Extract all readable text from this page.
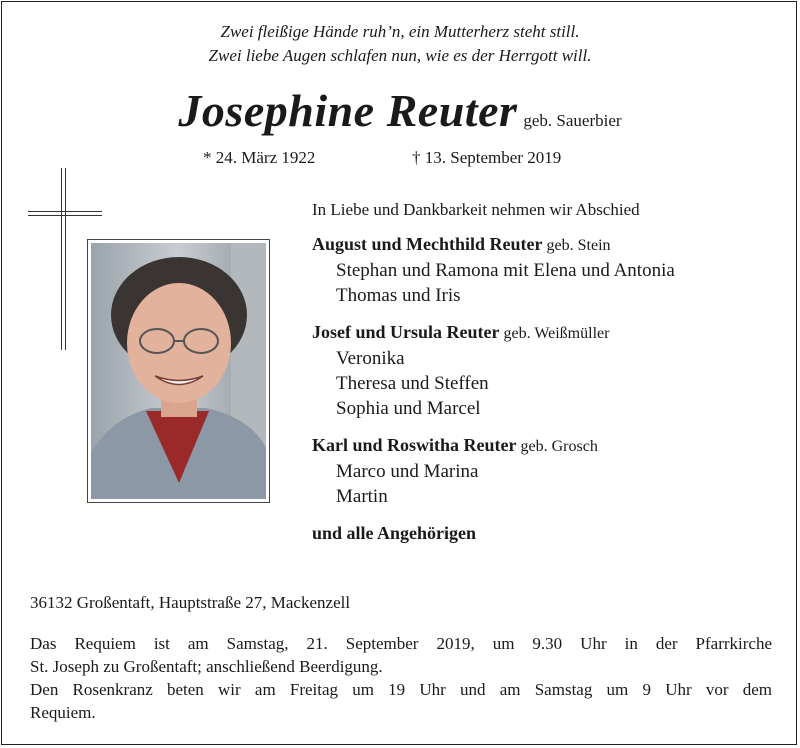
Zwei fleißige Hände ruh’n, ein Mutterherz steht still.
Zwei liebe Augen schlafen nun, wie es der Herrgott will.
Josephine Reuter geb. Sauerbier
* 24. März 1922	† 13. September 2019
In Liebe und Dankbarkeit nehmen wir Abschied
August und Mechthild Reuter geb. Stein
Stephan und Ramona mit Elena und Antonia
Thomas und Iris
Josef und Ursula Reuter geb. Weißmüller
Veronika
Theresa und Steffen
Sophia und Marcel
Karl und Roswitha Reuter geb. Grosch
Marco und Marina
Martin
und alle Angehörigen
36132 Großentaft, Hauptstraße 27, Mackenzell

Das Requiem ist am Samstag, 21. September 2019, um 9.30 Uhr in der Pfarrkirche

St. Joseph zu Großentaft; anschließend Beerdigung.

Den Rosenkranz beten wir am Freitag um 19 Uhr und am Samstag um 9 Uhr vor dem

Requiem.
